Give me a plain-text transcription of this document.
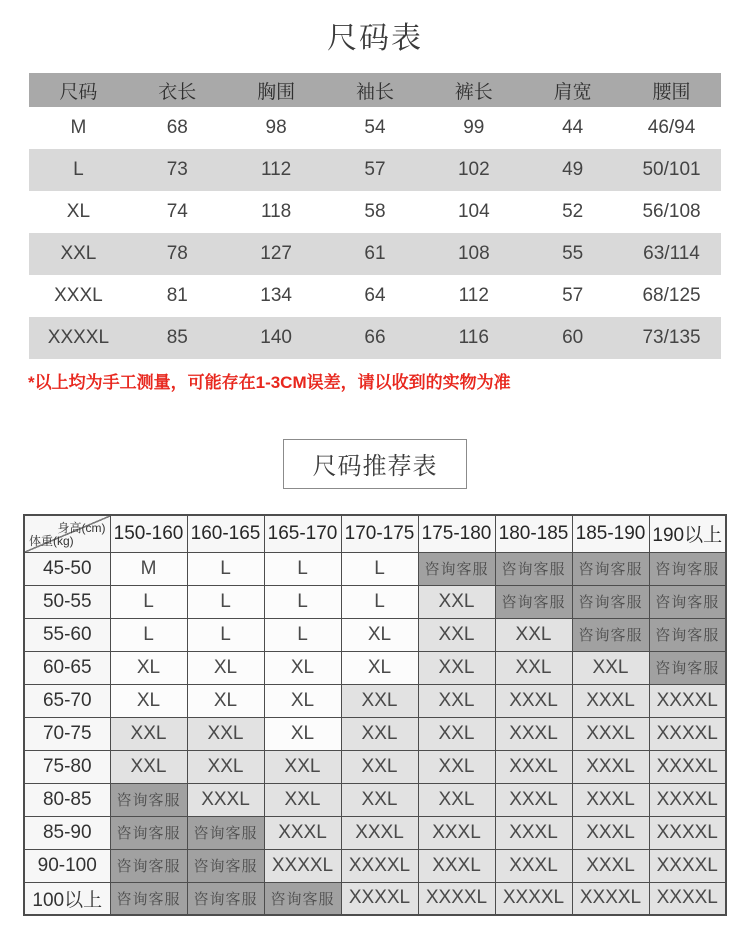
尺码表
尺码	衣长	胸围	袖长	裤长	肩宽	腰围
M	68	98	54	99	44	46/94
L	73	112	57	102	49	50/101
XL	74	118	58	104	52	56/108
XXL	78	127	61	108	55	63/114
XXXL	81	134	64	112	57	68/125
XXXXL	85	140	66	116	60	73/135

*以上均为手工测量，可能存在1-3CM误差，请以收到的实物为准

尺码推荐表
身高(cm)
体重(kg)	150-160	160-165	165-170	170-175	175-180	180-185	185-190	190以上
45-50	M	L	L	L	咨询客服	咨询客服	咨询客服	咨询客服
50-55	L	L	L	L	XXL	咨询客服	咨询客服	咨询客服
55-60	L	L	L	XL	XXL	XXL	咨询客服	咨询客服
60-65	XL	XL	XL	XL	XXL	XXL	XXL	咨询客服
65-70	XL	XL	XL	XXL	XXL	XXXL	XXXL	XXXXL
70-75	XXL	XXL	XL	XXL	XXL	XXXL	XXXL	XXXXL
75-80	XXL	XXL	XXL	XXL	XXL	XXXL	XXXL	XXXXL
80-85	咨询客服	XXXL	XXL	XXL	XXL	XXXL	XXXL	XXXXL
85-90	咨询客服	咨询客服	XXXL	XXXL	XXXL	XXXL	XXXL	XXXXL
90-100	咨询客服	咨询客服	XXXXL	XXXXL	XXXL	XXXL	XXXL	XXXXL
100以上	咨询客服	咨询客服	咨询客服	XXXXL	XXXXL	XXXXL	XXXXL	XXXXL
